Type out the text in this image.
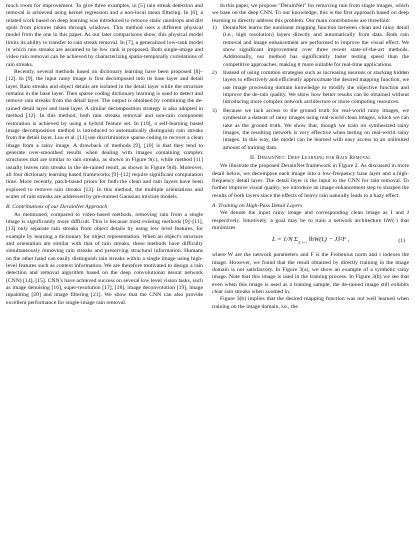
much room for improvement. To give three examples, in [5] rain streak detection and removal is achieved using kernel regression and a non-local mean filtering. In [6], a related work based on deep learning was introduced to remove static raindrops and dirt spots from pictures taken through windows. This method uses a different physical model from the one in this paper. As our later comparisons show, this physical model limits its ability to transfer to rain streak removal. In [7], a generalized low-rank model in which rain streaks are assumed to be low rank is proposed. Both single-image and video rain removal can be achieved by characterizing spatio-temporally correlations of rain streaks.

Recently, several methods based on dictionary learning have been proposed [8]–[12]. In [9], the input rainy image is first decomposed into its base layer and detail layer. Rain streaks and object details are isolated in the detail layer while the structure remains in the base layer. Then sparse coding dictionary learning is used to detect and remove rain streaks from the detail layer. The output is obtained by combining the de-rained detail layer and base layer. A similar decomposition strategy is also adopted in method [12]. In this method, both rain streaks removal and non-rain component restoration is achieved by using a hybrid feature set. In [10], a self-learning based image decomposition method is introduced to automatically distinguish rain streaks from the detail layer. Luo et al. [11] use discriminative sparse coding to recover a clean image from a rainy image. A drawback of methods [9], [10] is that they tend to generate over-smoothed results when dealing with images containing complex structures that are similar to rain streaks, as shown in Figure 9(c), while method [11] usually leaves rain streaks in the de-rained result, as shown in Figure 9(d). Moreover, all four dictionary learning based frameworks [9]–[12] require significant computation time. More recently, patch-based priors for both the clean and rain layers have been explored to remove rain streaks [13]. In this method, the multiple orientations and scales of rain streaks are addressed by pre-trained Gaussian mixture models.

B. Contributions of our DerainNet Approach

As mentioned, compared to video-based methods, removing rain from a single image is significantly more difficult. This is because most existing methods [9]–[11], [13] only separate rain streaks from object details by using low level features, for example by learning a dictionary for object representation. When an object's structure and orientation are similar with that of rain streaks, these methods have difficulty simultaneously removing rain streaks and preserving structural information. Humans on the other hand can easily distinguish rain streaks within a single image using high-level features such as context information. We are therefore motivated to design a rain detection and removal algorithm based on the deep convolutional neural network (CNN) [14], [15]. CNN's have achieved success on several low level vision tasks, such as image denoising [16], super-resolution [17], [18], image deconvolution [19], image inpainting [20] and image filtering [21]. We show that the CNN can also provide excellent performance for single-image rain removal.

In this paper, we propose "DerainNet" for removing rain from single images, which we base on the deep CNN. To our knowledge, this is the first approach based on deep learning to directly address this problem. Our main contributions are threefold:

1) DerainNet learns the nonlinear mapping function between clean and rainy detail (i.e., high resolution) layers directly and automatically from data. Both rain removal and image enhancement are performed to improve the visual effect. We show significant improvement over three recent state-of-the-art methods. Additionally, our method has significantly faster testing speed than the competitive approaches, making it more suitable for real-time applications.

2) Instead of using common strategies such as increasing neurons or stacking hidden layers to effectively and efficiently approximate the desired mapping function, we use image processing domain knowledge to modify the objective function and improve the de-rain quality. We show how better results can be obtained without introducing more complex network architecture or more computing resources.

3) Because we lack access to the ground truth for real-world rainy images, we synthesize a dataset of rainy images using real-world clean images, which we can take as the ground truth. We show that, though we train on synthesized rainy images, the resulting network is very effective when testing on real-world rainy images. In this way, the model can be learned with easy access to an unlimited amount of training data.

II. DerainNet: Deep Learning for Rain Removal

We illustrate the proposed DerainNet framework in Figure 2. As discussed in more detail below, we decompose each image into a low-frequency base layer and a high-frequency detail layer. The detail layer is the input to the CNN for rain removal. To further improve visual quality, we introduce an image enhancement step to sharpen the results of both layers since the effects of heavy rain naturally leads to a hazy effect.

A. Training on High-Pass Detail Layers

We denote the input rainy image and corresponding clean image as I and J respectively. Intuitively, a goal may be to train a network architecture hW(·) that minimizes

L = 1/N $\Sigma_{N, i=1}$ ‖hW(Iᵢ) − Jᵢ‖²F ,	(1)

where W are the network parameters and F is the Frobenius norm and i indexes the image. However, we found that the result obtained by directly training in the image domain is not satisfactory. In Figure 3(a), we show an example of a synthetic rainy image. Note that this image is used in the training process. In Figure 3(b) we see that even when this image is used as a training sample, the de-rained image still exhibits clear rain streaks when zoomed in.

Figure 3(b) implies that the desired mapping function was not well learned when training on the image domain, i.e., the
